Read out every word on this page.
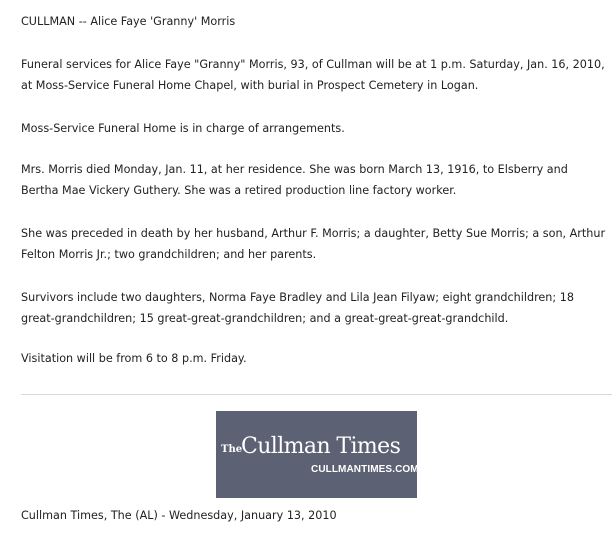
CULLMAN -- Alice Faye 'Granny' Morris

Funeral services for Alice Faye "Granny" Morris, 93, of Cullman will be at 1 p.m. Saturday, Jan. 16, 2010, at Moss-Service Funeral Home Chapel, with burial in Prospect Cemetery in Logan.

Moss-Service Funeral Home is in charge of arrangements.

Mrs. Morris died Monday, Jan. 11, at her residence. She was born March 13, 1916, to Elsberry and Bertha Mae Vickery Guthery. She was a retired production line factory worker.

She was preceded in death by her husband, Arthur F. Morris; a daughter, Betty Sue Morris; a son, Arthur Felton Morris Jr.; two grandchildren; and her parents.

Survivors include two daughters, Norma Faye Bradley and Lila Jean Filyaw; eight grandchildren; 18 great-grandchildren; 15 great-great-grandchildren; and a great-great-great-grandchild.

Visitation will be from 6 to 8 p.m. Friday.

Cullman Times, The (AL) - Wednesday, January 13, 2010
The
Cullman Times
CULLMANTIMES.COM
